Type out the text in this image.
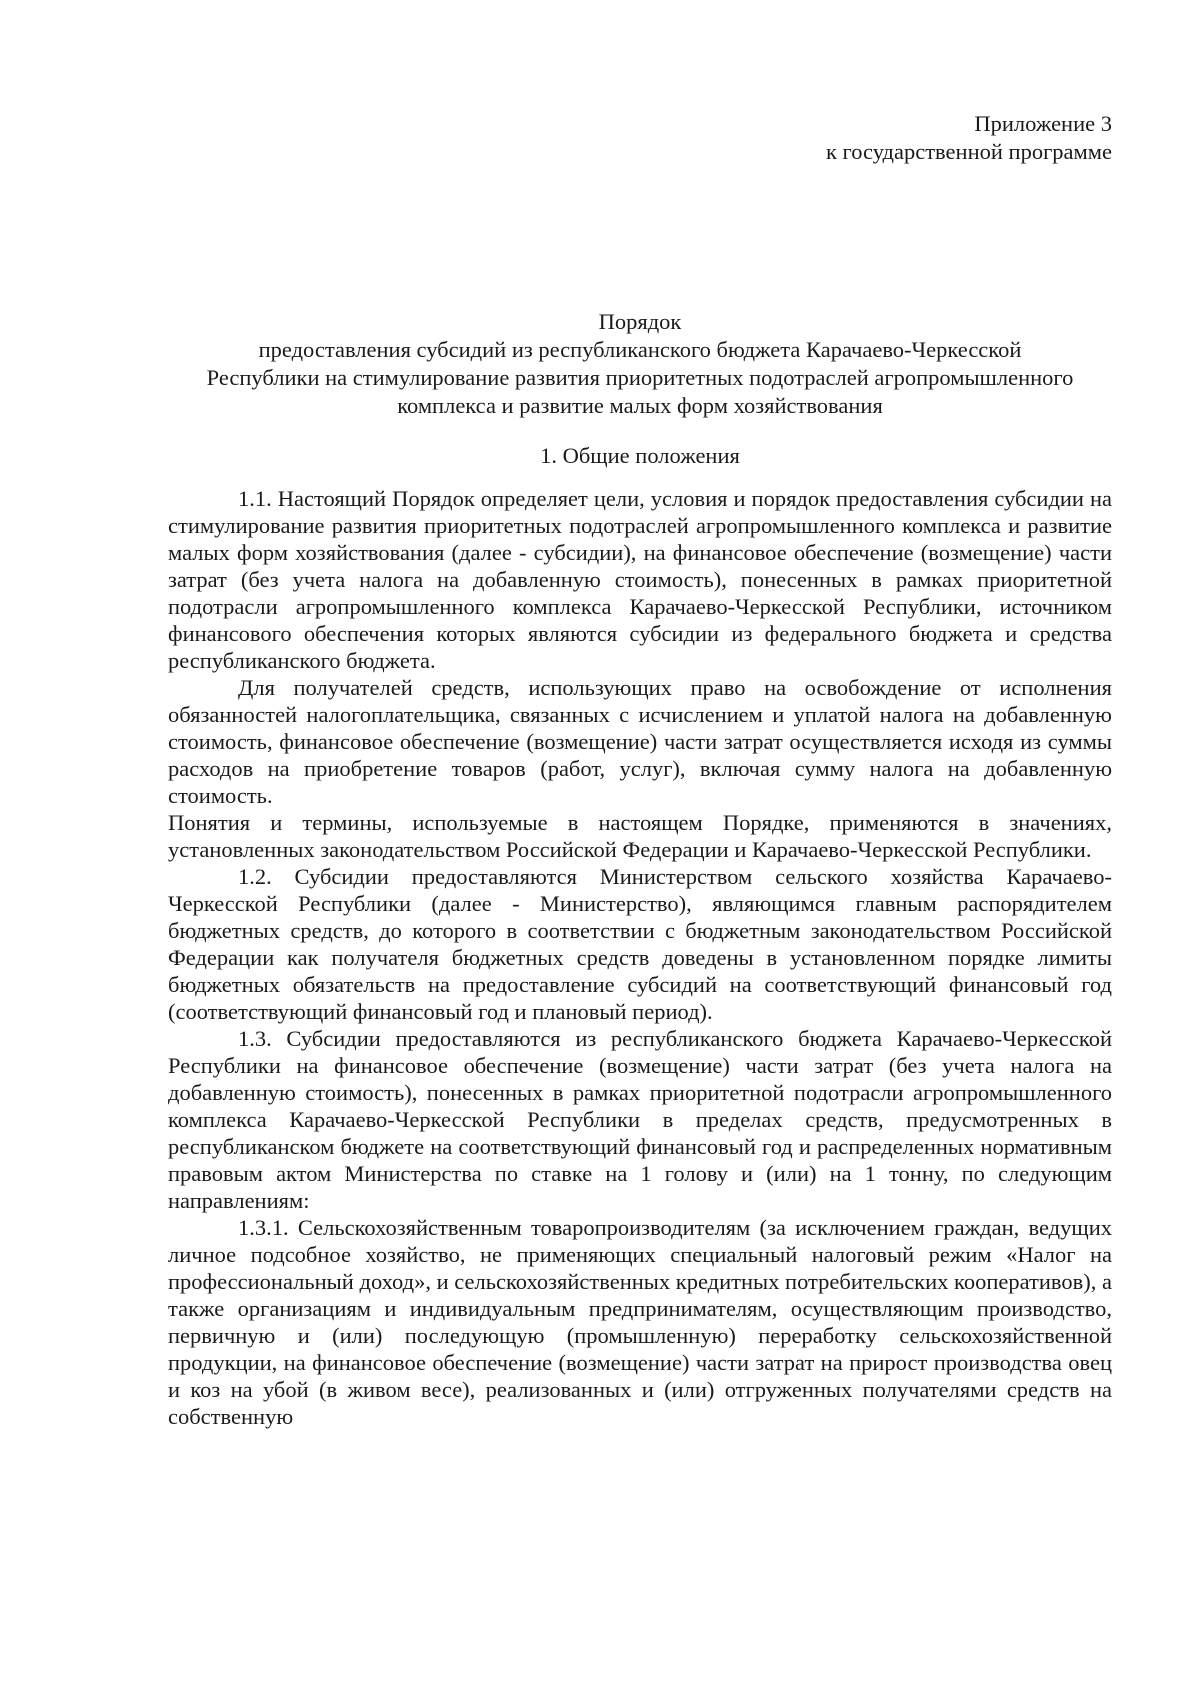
Приложение 3
к государственной программе
Порядок
предоставления субсидий из республиканского бюджета Карачаево-Черкесской
Республики на стимулирование развития приоритетных подотраслей агропромышленного
комплекса и развитие малых форм хозяйствования
1. Общие положения

1.1. Настоящий Порядок определяет цели, условия и порядок предоставления субсидии на стимулирование развития приоритетных подотраслей агропромышленного комплекса и развитие малых форм хозяйствования (далее - субсидии), на финансовое обеспечение (возмещение) части затрат (без учета налога на добавленную стоимость), понесенных в рамках приоритетной подотрасли агропромышленного комплекса Карачаево-Черкесской Республики, источником финансового обеспечения которых являются субсидии из федерального бюджета и средства республиканского бюджета.

Для получателей средств, использующих право на освобождение от исполнения обязанностей налогоплательщика, связанных с исчислением и уплатой налога на добавленную стоимость, финансовое обеспечение (возмещение) части затрат осуществляется исходя из суммы расходов на приобретение товаров (работ, услуг), включая сумму налога на добавленную стоимость.

Понятия и термины, используемые в настоящем Порядке, применяются в значениях, установленных законодательством Российской Федерации и Карачаево-Черкесской Республики.

1.2. Субсидии предоставляются Министерством сельского хозяйства Карачаево-Черкесской Республики (далее - Министерство), являющимся главным распорядителем бюджетных средств, до которого в соответствии с бюджетным законодательством Российской Федерации как получателя бюджетных средств доведены в установленном порядке лимиты бюджетных обязательств на предоставление субсидий на соответствующий финансовый год (соответствующий финансовый год и плановый период).

1.3. Субсидии предоставляются из республиканского бюджета Карачаево-Черкесской Республики на финансовое обеспечение (возмещение) части затрат (без учета налога на добавленную стоимость), понесенных в рамках приоритетной подотрасли агропромышленного комплекса Карачаево-Черкесской Республики в пределах средств, предусмотренных в республиканском бюджете на соответствующий финансовый год и распределенных нормативным правовым актом Министерства по ставке на 1 голову и (или) на 1 тонну, по следующим направлениям:

1.3.1. Сельскохозяйственным товаропроизводителям (за исключением граждан, ведущих личное подсобное хозяйство, не применяющих специальный налоговый режим «Налог на профессиональный доход», и сельскохозяйственных кредитных потребительских кооперативов), а также организациям и индивидуальным предпринимателям, осуществляющим производство, первичную и (или) последующую (промышленную) переработку сельскохозяйственной продукции, на финансовое обеспечение (возмещение) части затрат на прирост производства овец и коз на убой (в живом весе), реализованных и (или) отгруженных получателями средств на собственную
